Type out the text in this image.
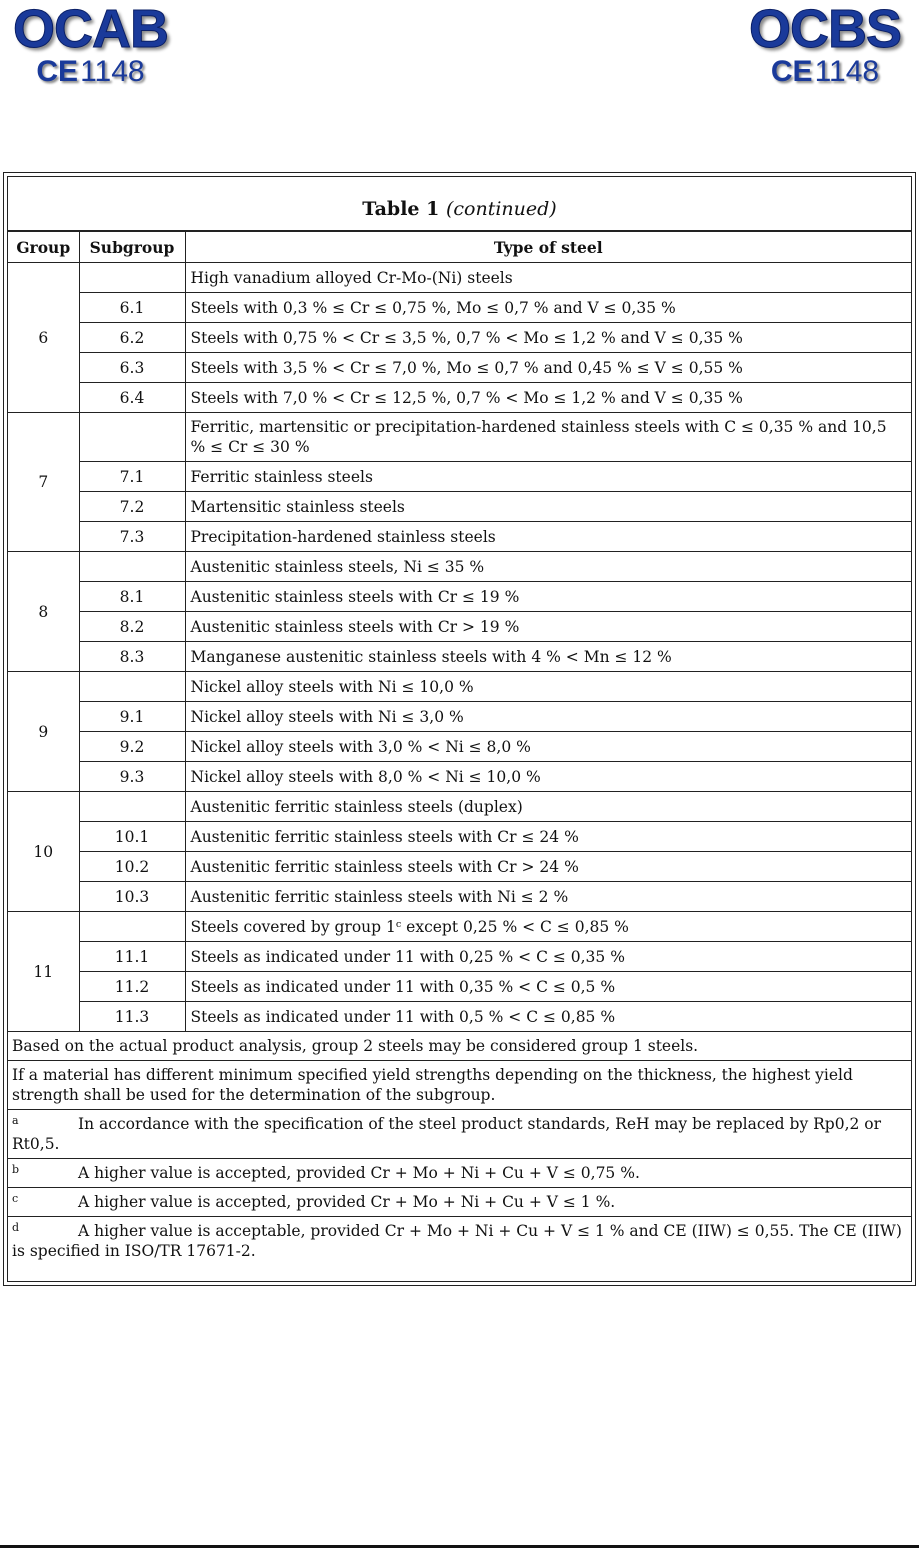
OCAB
CE1148
OCBS
CE1148
Table 1 (continued)
Group	Subgroup	Type of steel
6		High vanadium alloyed Cr-Mo-(Ni) steels
	6.1	Steels with 0,3 % ≤ Cr ≤ 0,75 %, Mo ≤ 0,7 % and V ≤ 0,35 %
	6.2	Steels with 0,75 % < Cr ≤ 3,5 %, 0,7 % < Mo ≤ 1,2 % and V ≤ 0,35 %
	6.3	Steels with 3,5 % < Cr ≤ 7,0 %, Mo ≤ 0,7 % and 0,45 % ≤ V ≤ 0,55 %
	6.4	Steels with 7,0 % < Cr ≤ 12,5 %, 0,7 % < Mo ≤ 1,2 % and V ≤ 0,35 %
7		Ferritic, martensitic or precipitation-hardened stainless steels with C ≤ 0,35 % and 10,5 % ≤ Cr ≤ 30 %
	7.1	Ferritic stainless steels
	7.2	Martensitic stainless steels
	7.3	Precipitation-hardened stainless steels
8		Austenitic stainless steels, Ni ≤ 35 %
	8.1	Austenitic stainless steels with Cr ≤ 19 %
	8.2	Austenitic stainless steels with Cr > 19 %
	8.3	Manganese austenitic stainless steels with 4 % < Mn ≤ 12 %
9		Nickel alloy steels with Ni ≤ 10,0 %
	9.1	Nickel alloy steels with Ni ≤ 3,0 %
	9.2	Nickel alloy steels with 3,0 % < Ni ≤ 8,0 %
	9.3	Nickel alloy steels with 8,0 % < Ni ≤ 10,0 %
10		Austenitic ferritic stainless steels (duplex)
	10.1	Austenitic ferritic stainless steels with Cr ≤ 24 %
	10.2	Austenitic ferritic stainless steels with Cr > 24 %
	10.3	Austenitic ferritic stainless steels with Ni ≤ 2 %
11		Steels covered by group 1ᶜ except 0,25 % < C ≤ 0,85 %
	11.1	Steels as indicated under 11 with 0,25 % < C ≤ 0,35 %
	11.2	Steels as indicated under 11 with 0,35 % < C ≤ 0,5 %
	11.3	Steels as indicated under 11 with 0,5 % < C ≤ 0,85 %
Based on the actual product analysis, group 2 steels may be considered group 1 steels.		
If a material has different minimum specified yield strengths depending on the thickness, the highest yield strength shall be used for the determination of the subgroup.		
a In accordance with the specification of the steel product standards, ReH may be replaced by Rp0,2 or Rt0,5.		
b A higher value is accepted, provided Cr + Mo + Ni + Cu + V ≤ 0,75 %.		
c A higher value is accepted, provided Cr + Mo + Ni + Cu + V ≤ 1 %.		
d A higher value is acceptable, provided Cr + Mo + Ni + Cu + V ≤ 1 % and CE (IIW) ≤ 0,55. The CE (IIW) is specified in ISO/TR 17671-2.		
